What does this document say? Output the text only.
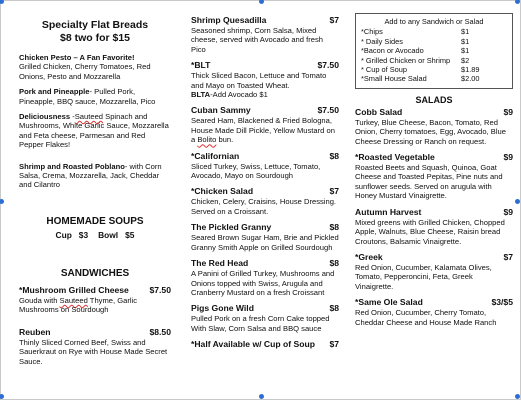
Specialty Flat Breads
$8 two for $15
Chicken Pesto – A Fan Favorite!
Grilled Chicken, Cherry Tomatoes, Red Onions, Pesto and Mozzarella
Pork and Pineapple- Pulled Pork, Pineapple, BBQ sauce, Mozzarella, Pico
Deliciousness -Sauteed Spinach and Mushrooms, White Garlic Sauce, Mozzarella and Feta cheese, Parmesan and Red Pepper Flakes!
Shrimp and Roasted Poblano- with Corn Salsa, Crema, Mozzarella, Jack, Cheddar and Cilantro
HOMEMADE SOUPS
Cup   $3 Bowl   $5
SANDWICHES
*Mushroom Grilled Cheese $7.50
Gouda with Sauteed Thyme, Garlic Mushrooms on Sourdough
Reuben	$8.50
Thinly Sliced Corned Beef, Swiss and Sauerkraut on Rye with House Made Secret Sauce.
Shrimp Quesadilla	$7
Seasoned shrimp, Corn Salsa, Mixed cheese, served with Avocado and fresh Pico
*BLT	$7.50
Thick Sliced Bacon, Lettuce and Tomato and Mayo on Toasted Wheat.
BLTA-Add Avocado $1
Cuban Sammy	$7.50
Seared Ham, Blackened & Fried Bologna, House Made Dill Pickle, Yellow Mustard on a Bolito bun.
*Californian	$8
Sliced Turkey, Swiss, Lettuce, Tomato, Avocado, Mayo on Sourdough
*Chicken Salad	$7
Chicken, Celery, Craisins, House Dressing. Served on a Croissant.
The Pickled Granny	$8
Seared Brown Sugar Ham, Brie and Pickled Granny Smith Apple on Grilled Sourdough
The Red Head	$8
A Panini of Grilled Turkey, Mushrooms and Onions topped with Swiss, Arugula and Cranberry Mustard on a fresh Croissant
Pigs Gone Wild	$8
Pulled Pork on a fresh Corn Cake topped With Slaw, Corn Salsa and BBQ sauce
*Half Available w/ Cup of Soup $7
Add to any Sandwich or Salad
*Chips	$1
* Daily Sides	$1
*Bacon or Avocado	$1
* Grilled Chicken or Shrimp	$2
* Cup of Soup	$1.89
*Small House Salad	$2.00
SALADS
Cobb Salad	$9
Turkey, Blue Cheese, Bacon, Tomato, Red Onion, Cherry tomatoes, Egg, Avocado, Blue Cheese Dressing or Ranch on request.
*Roasted Vegetable	$9
Roasted Beets and Squash, Quinoa, Goat Cheese and Toasted Pepitas, Pine nuts and sunflower seeds. Served on arugula with Honey Mustard Vinaigrette.
Autumn Harvest	$9
Mixed greens with Grilled Chicken, Chopped Apple, Walnuts, Blue Cheese, Raisin bread Croutons, Balsamic Vinaigrette.
*Greek	$7
Red Onion, Cucumber, Kalamata Olives, Tomato, Pepperoncini, Feta, Greek Vinaigrette.
*Same Ole Salad	$3/$5
Red Onion, Cucumber, Cherry Tomato, Cheddar Cheese and House Made Ranch
